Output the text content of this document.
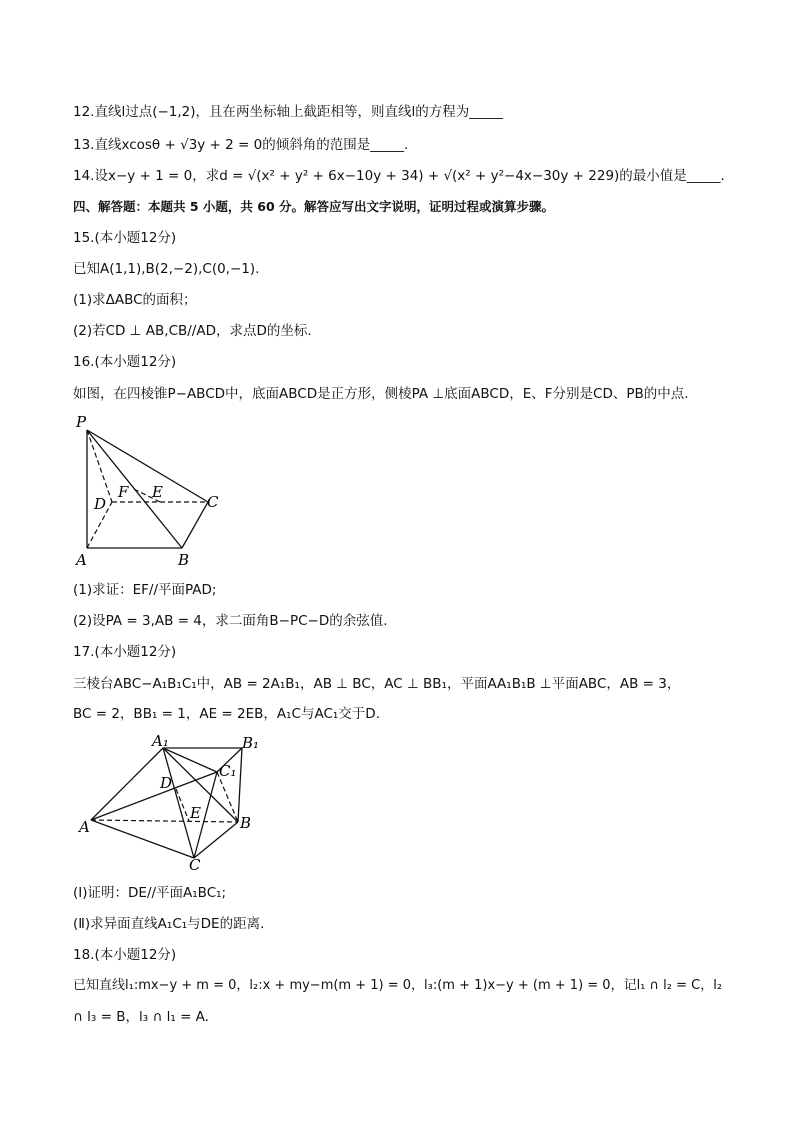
12.直线l过点(−1,2)，且在两坐标轴上截距相等，则直线l的方程为_____
13.直线xcosθ + √3y + 2 = 0的倾斜角的范围是_____.
14.设x−y + 1 = 0，求d = √(x² + y² + 6x−10y + 34) + √(x² + y²−4x−30y + 229)的最小值是_____.
四、解答题：本题共 5 小题，共 60 分。解答应写出文字说明，证明过程或演算步骤。
15.(本小题12分)
已知A(1,1),B(2,−2),C(0,−1).
(1)求ΔABC的面积；
(2)若CD ⊥ AB,CB//AD，求点D的坐标.
16.(本小题12分)
如图，在四棱锥P−ABCD中，底面ABCD是正方形，侧棱PA ⊥底面ABCD，E、F分别是CD、PB的中点.
P
A	B
C
D
F E
(1)求证：EF//平面PAD;
(2)设PA = 3,AB = 4，求二面角B−PC−D的余弦值.
17.(本小题12分)
三棱台ABC−A₁B₁C₁中，AB = 2A₁B₁，AB ⊥ BC，AC ⊥ BB₁，平面AA₁B₁B ⊥平面ABC，AB = 3，
BC = 2，BB₁ = 1，AE = 2EB，A₁C与AC₁交于D.
A₁	B₁
C₁
D
E
A	B
C
(Ⅰ)证明：DE//平面A₁BC₁;
(Ⅱ)求异面直线A₁C₁与DE的距离.
18.(本小题12分)
已知直线l₁:mx−y + m = 0，l₂:x + my−m(m + 1) = 0，l₃:(m + 1)x−y + (m + 1) = 0，记l₁ ∩ l₂ = C，l₂
∩ l₃ = B，l₃ ∩ l₁ = A.
